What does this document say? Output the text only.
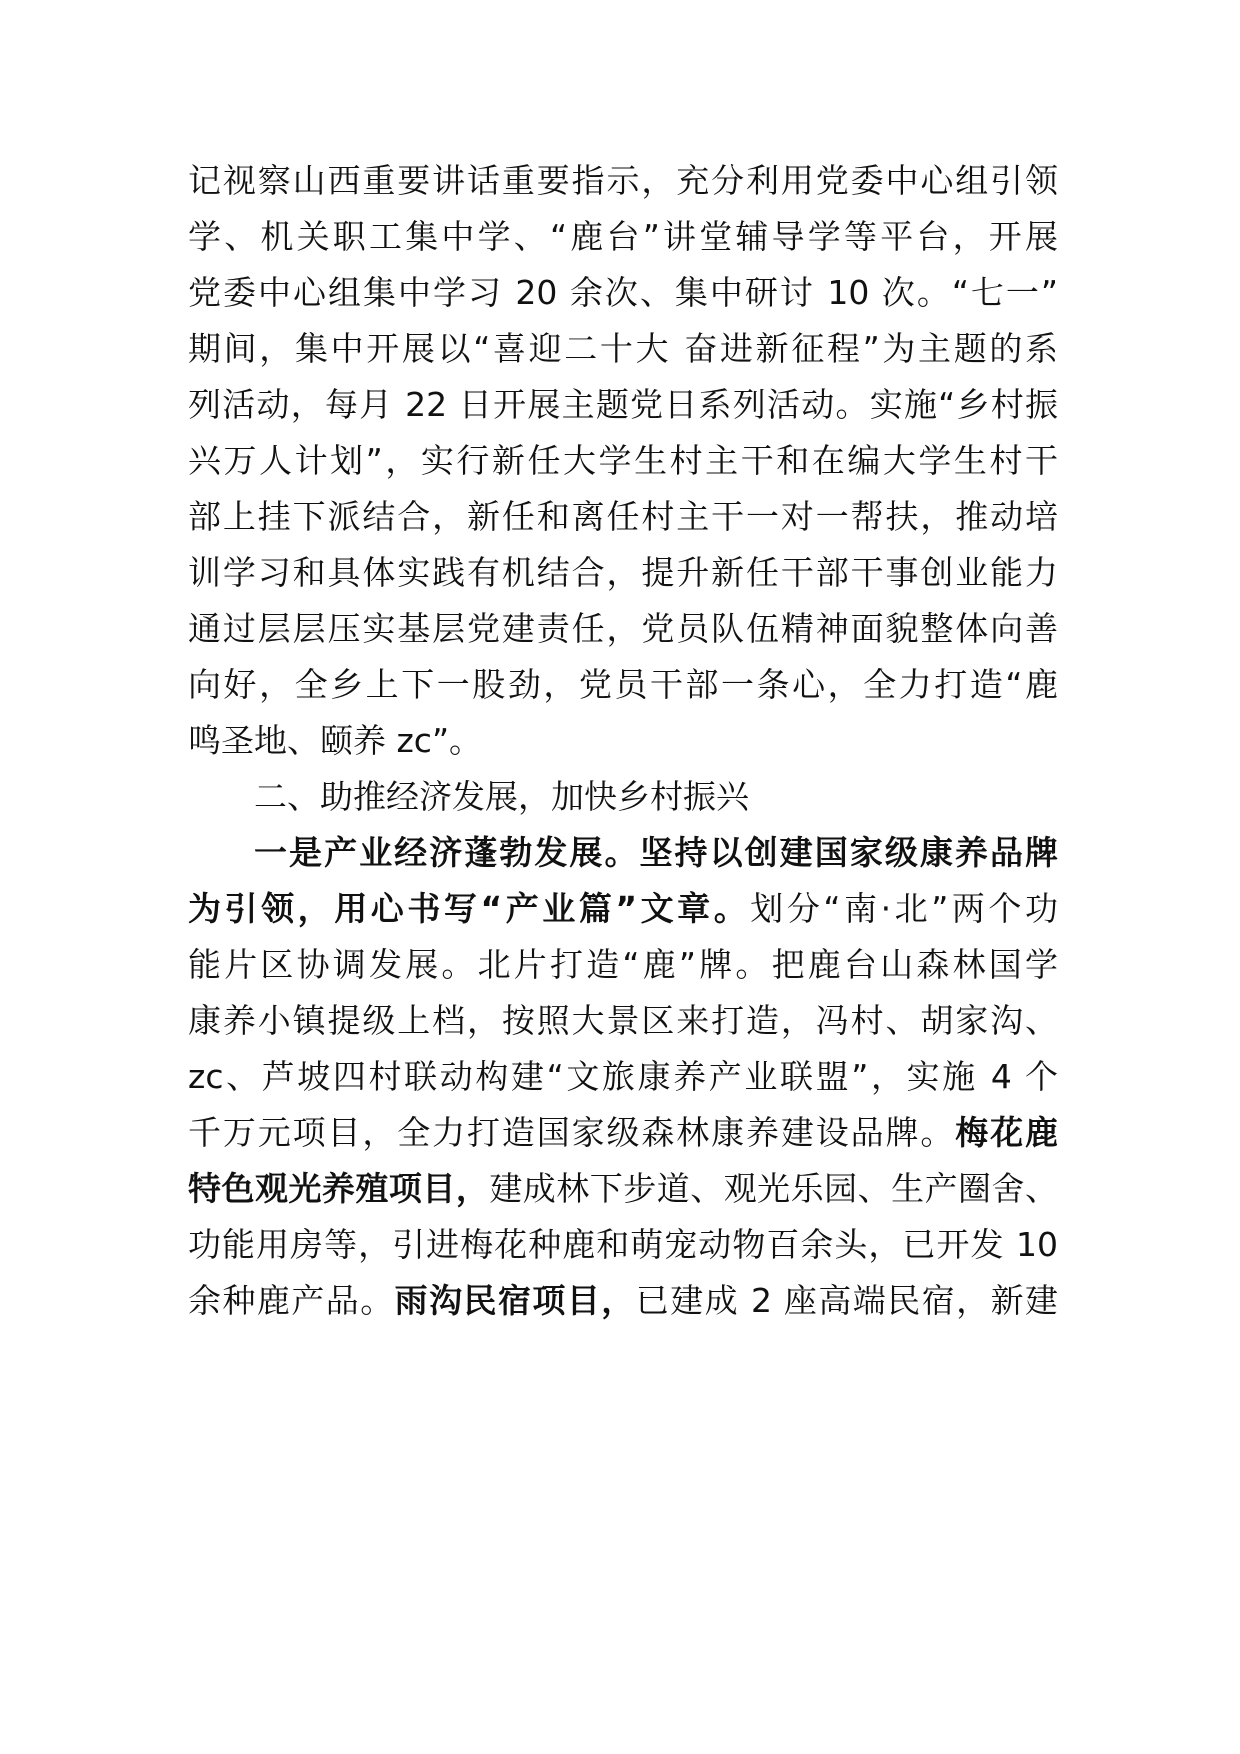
记视察山西重要讲话重要指示，充分利用党委中心组引领
学、机关职工集中学、“鹿台”讲堂辅导学等平台，开展
党委中心组集中学习 20 余次、集中研讨 10 次。“七一”
期间，集中开展以“喜迎二十大 奋进新征程”为主题的系
列活动，每月 22 日开展主题党日系列活动。实施“乡村振
兴万人计划”，实行新任大学生村主干和在编大学生村干
部上挂下派结合，新任和离任村主干一对一帮扶，推动培
训学习和具体实践有机结合，提升新任干部干事创业能力
通过层层压实基层党建责任，党员队伍精神面貌整体向善
向好，全乡上下一股劲，党员干部一条心，全力打造“鹿
鸣圣地、颐养 zc”。
二、助推经济发展，加快乡村振兴
一是产业经济蓬勃发展。坚持以创建国家级康养品牌
为引领，用心书写“产业篇”文章。划分“南·北”两个功
能片区协调发展。北片打造“鹿”牌。把鹿台山森林国学
康养小镇提级上档，按照大景区来打造，冯村、胡家沟、
zc、芦坡四村联动构建“文旅康养产业联盟”，实施 4 个
千万元项目，全力打造国家级森林康养建设品牌。梅花鹿
特色观光养殖项目，建成林下步道、观光乐园、生产圈舍、
功能用房等，引进梅花种鹿和萌宠动物百余头，已开发 10
余种鹿产品。雨沟民宿项目，已建成 2 座高端民宿，新建
